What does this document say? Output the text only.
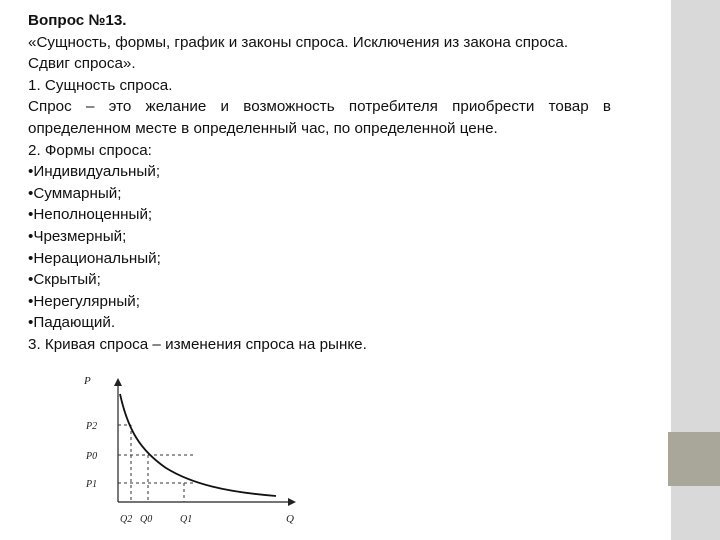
Вопрос №13.

«Сущность, формы, график и законы спроса. Исключения из закона спроса.

Сдвиг спроса».

1. Сущность спроса.

Спрос – это желание и возможность потребителя приобрести товар в

определенном месте в определенный час, по определенной цене.

2. Формы спроса:

• Индивидуальный;

• Суммарный;

• Неполноценный;

• Чрезмерный;

• Нерациональный;

• Скрытый;

• Нерегулярный;

• Падающий.

3. Кривая спроса – изменения спроса на рынке.

P
Q
P2
P0
P1
Q2 Q0	Q1
